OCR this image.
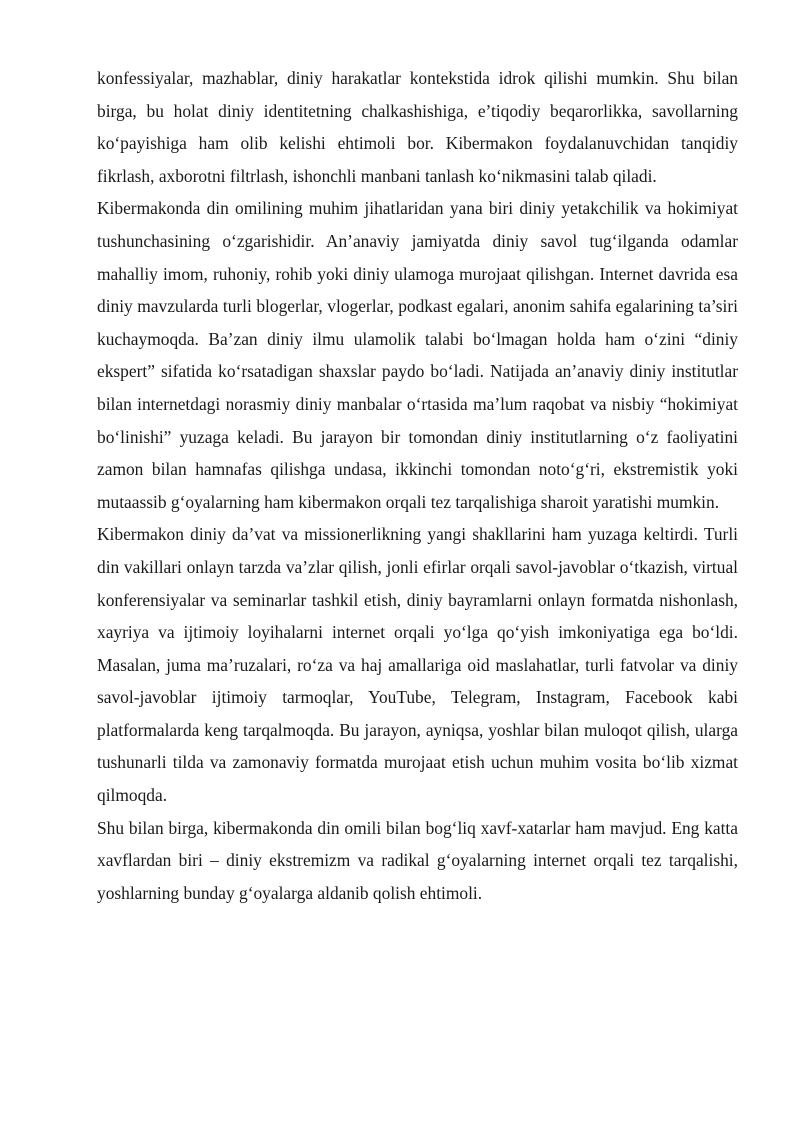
konfessiyalar, mazhablar, diniy harakatlar kontekstida idrok qilishi mumkin. Shu bilan birga, bu holat diniy identitetning chalkashishiga, e’tiqodiy beqarorlikka, savollarning ko‘payishiga ham olib kelishi ehtimoli bor. Kibermakon foydalanuvchidan tanqidiy fikrlash, axborotni filtrlash, ishonchli manbani tanlash ko‘nikmasini talab qiladi.

Kibermakonda din omilining muhim jihatlaridan yana biri diniy yetakchilik va hokimiyat tushunchasining o‘zgarishidir. An’anaviy jamiyatda diniy savol tug‘ilganda odamlar mahalliy imom, ruhoniy, rohib yoki diniy ulamoga murojaat qilishgan. Internet davrida esa diniy mavzularda turli blogerlar, vlogerlar, podkast egalari, anonim sahifa egalarining ta’siri kuchaymoqda. Ba’zan diniy ilmu ulamolik talabi bo‘lmagan holda ham o‘zini “diniy ekspert” sifatida ko‘rsatadigan shaxslar paydo bo‘ladi. Natijada an’anaviy diniy institutlar bilan internetdagi norasmiy diniy manbalar o‘rtasida ma’lum raqobat va nisbiy “hokimiyat bo‘linishi” yuzaga keladi. Bu jarayon bir tomondan diniy institutlarning o‘z faoliyatini zamon bilan hamnafas qilishga undasa, ikkinchi tomondan noto‘g‘ri, ekstremistik yoki mutaassib g‘oyalarning ham kibermakon orqali tez tarqalishiga sharoit yaratishi mumkin.

Kibermakon diniy da’vat va missionerlikning yangi shakllarini ham yuzaga keltirdi. Turli din vakillari onlayn tarzda va’zlar qilish, jonli efirlar orqali savol-javoblar o‘tkazish, virtual konferensiyalar va seminarlar tashkil etish, diniy bayramlarni onlayn formatda nishonlash, xayriya va ijtimoiy loyihalarni internet orqali yo‘lga qo‘yish imkoniyatiga ega bo‘ldi. Masalan, juma ma’ruzalari, ro‘za va haj amallariga oid maslahatlar, turli fatvolar va diniy savol-javoblar ijtimoiy tarmoqlar, YouTube, Telegram, Instagram, Facebook kabi platformalarda keng tarqalmoqda. Bu jarayon, ayniqsa, yoshlar bilan muloqot qilish, ularga tushunarli tilda va zamonaviy formatda murojaat etish uchun muhim vosita bo‘lib xizmat qilmoqda.

Shu bilan birga, kibermakonda din omili bilan bog‘liq xavf-xatarlar ham mavjud. Eng katta xavflardan biri – diniy ekstremizm va radikal g‘oyalarning internet orqali tez tarqalishi, yoshlarning bunday g‘oyalarga aldanib qolish ehtimoli.
